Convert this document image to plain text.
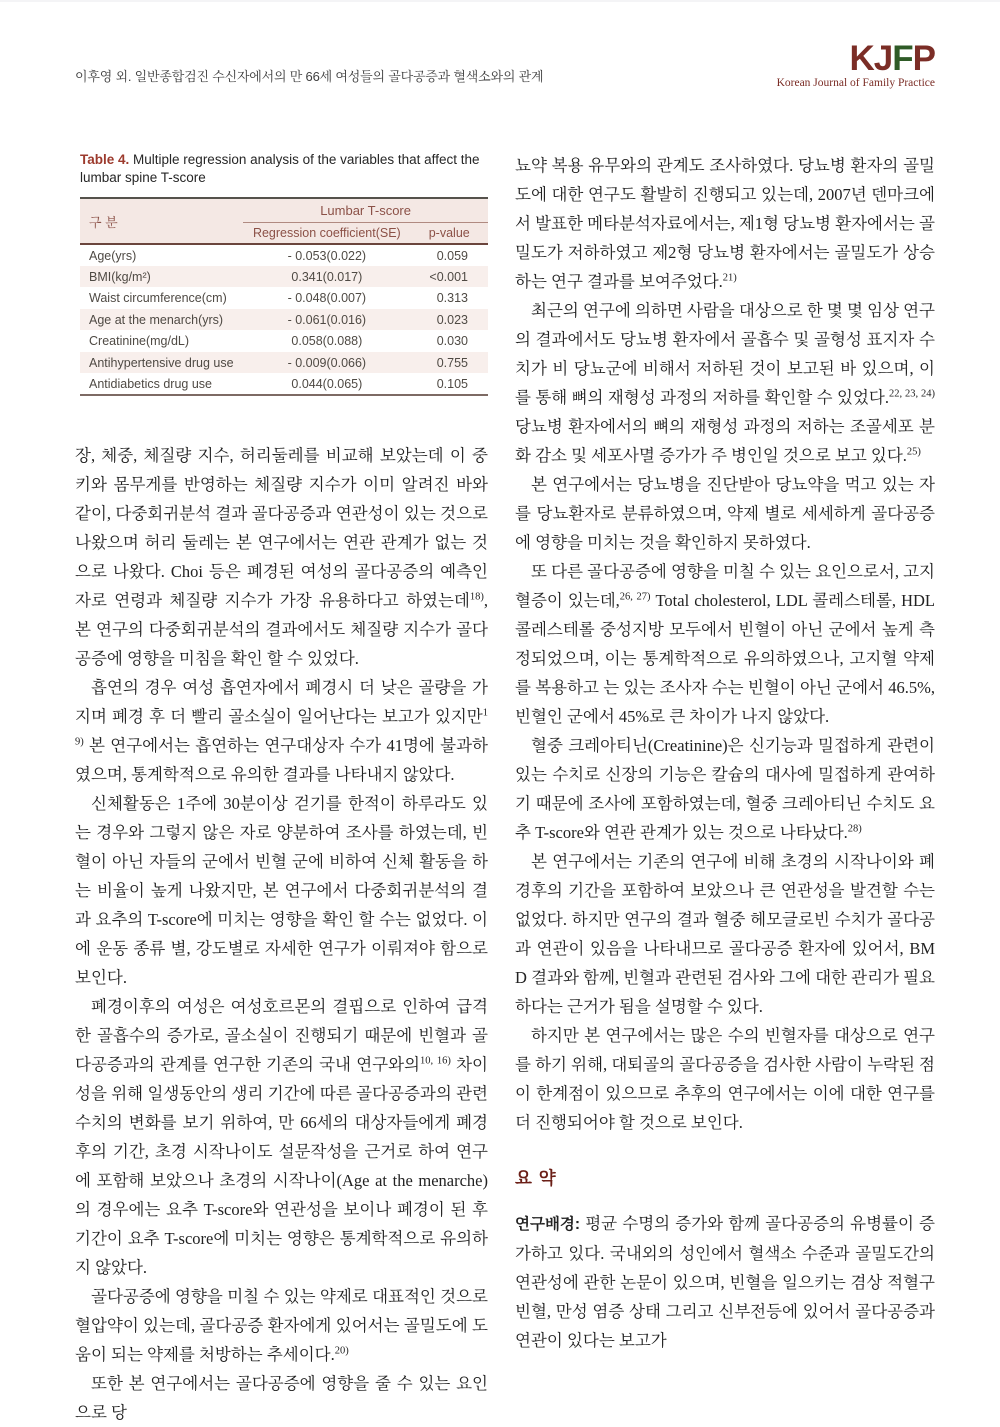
이후영 외. 일반종합검진 수신자에서의 만 66세 여성들의 골다공증과 혈색소와의 관계	KJFP
Korean Journal of Family Practice
Table 4. Multiple regression analysis of the variables that affect the lumbar spine T-score
구 분	Lumbar T-score	
	Regression coefficient(SE)	p-value
Age(yrs)	- 0.053(0.022)	0.059
BMI(kg/m²)	0.341(0.017)	<0.001
Waist circumference(cm)	- 0.048(0.007)	0.313
Age at the menarch(yrs)	- 0.061(0.016)	0.023
Creatinine(mg/dL)	0.058(0.088)	0.030
Antihypertensive drug use	- 0.009(0.066)	0.755
Antidiabetics drug use	0.044(0.065)	0.105

장, 체중, 체질량 지수, 허리둘레를 비교해 보았는데 이 중 키와 몸무게를 반영하는 체질량 지수가 이미 알려진 바와 같이, 다중회귀분석 결과 골다공증과 연관성이 있는 것으로 나왔으며 허리 둘레는 본 연구에서는 연관 관계가 없는 것으로 나왔다. Choi 등은 폐경된 여성의 골다공증의 예측인자로 연령과 체질량 지수가 가장 유용하다고 하였는데$^{18)}$, 본 연구의 다중회귀분석의 결과에서도 체질량 지수가 골다공증에 영향을 미침을 확인 할 수 있었다.

흡연의 경우 여성 흡연자에서 폐경시 더 낮은 골량을 가지며 폐경 후 더 빨리 골소실이 일어난다는 보고가 있지만$^{19)}$ 본 연구에서는 흡연하는 연구대상자 수가 41명에 불과하였으며, 통계학적으로 유의한 결과를 나타내지 않았다.

신체활동은 1주에 30분이상 걷기를 한적이 하루라도 있는 경우와 그렇지 않은 자로 양분하여 조사를 하였는데, 빈혈이 아닌 자들의 군에서 빈혈 군에 비하여 신체 활동을 하는 비율이 높게 나왔지만, 본 연구에서 다중회귀분석의 결과 요추의 T-score에 미치는 영향을 확인 할 수는 없었다. 이에 운동 종류 별, 강도별로 자세한 연구가 이뤄져야 함으로 보인다.

폐경이후의 여성은 여성호르몬의 결핍으로 인하여 급격한 골흡수의 증가로, 골소실이 진행되기 때문에 빈혈과 골다공증과의 관계를 연구한 기존의 국내 연구와의$^{10, 16)}$ 차이성을 위해 일생동안의 생리 기간에 따른 골다공증과의 관련수치의 변화를 보기 위하여, 만 66세의 대상자들에게 폐경 후의 기간, 초경 시작나이도 설문작성을 근거로 하여 연구에 포함해 보았으나 초경의 시작나이(Age at the menarche)의 경우에는 요추 T-score와 연관성을 보이나 폐경이 된 후 기간이 요추 T-score에 미치는 영향은 통계학적으로 유의하지 않았다.

골다공증에 영향을 미칠 수 있는 약제로 대표적인 것으로 혈압약이 있는데, 골다공증 환자에게 있어서는 골밀도에 도움이 되는 약제를 처방하는 추세이다.$^{20)}$

또한 본 연구에서는 골다공증에 영향을 줄 수 있는 요인으로 당

뇨약 복용 유무와의 관계도 조사하였다. 당뇨병 환자의 골밀도에 대한 연구도 활발히 진행되고 있는데, 2007년 덴마크에서 발표한 메타분석자료에서는, 제1형 당뇨병 환자에서는 골밀도가 저하하였고 제2형 당뇨병 환자에서는 골밀도가 상승하는 연구 결과를 보여주었다.$^{21)}$

최근의 연구에 의하면 사람을 대상으로 한 몇 몇 임상 연구의 결과에서도 당뇨병 환자에서 골흡수 및 골형성 표지자 수치가 비 당뇨군에 비해서 저하된 것이 보고된 바 있으며, 이를 통해 뼈의 재형성 과정의 저하를 확인할 수 있었다.$^{22, 23, 24)}$ 당뇨병 환자에서의 뼈의 재형성 과정의 저하는 조골세포 분화 감소 및 세포사멸 증가가 주 병인일 것으로 보고 있다.$^{25)}$

본 연구에서는 당뇨병을 진단받아 당뇨약을 먹고 있는 자를 당뇨환자로 분류하였으며, 약제 별로 세세하게 골다공증에 영향을 미치는 것을 확인하지 못하였다.

또 다른 골다공증에 영향을 미칠 수 있는 요인으로서, 고지혈증이 있는데,$^{26, 27)}$ Total cholesterol, LDL 콜레스테롤, HDL 콜레스테롤 중성지방 모두에서 빈혈이 아닌 군에서 높게 측정되었으며, 이는 통계학적으로 유의하였으나, 고지혈 약제를 복용하고 는 있는 조사자 수는 빈혈이 아닌 군에서 46.5%, 빈혈인 군에서 45%로 큰 차이가 나지 않았다.

혈중 크레아티닌(Creatinine)은 신기능과 밀접하게 관련이 있는 수치로 신장의 기능은 칼슘의 대사에 밀접하게 관여하기 때문에 조사에 포함하였는데, 혈중 크레아티닌 수치도 요추 T-score와 연관 관계가 있는 것으로 나타났다.$^{28)}$

본 연구에서는 기존의 연구에 비해 초경의 시작나이와 폐경후의 기간을 포함하여 보았으나 큰 연관성을 발견할 수는 없었다. 하지만 연구의 결과 혈중 헤모글로빈 수치가 골다공과 연관이 있음을 나타내므로 골다공증 환자에 있어서, BMD 결과와 함께, 빈혈과 관련된 검사와 그에 대한 관리가 필요하다는 근거가 됨을 설명할 수 있다.

하지만 본 연구에서는 많은 수의 빈혈자를 대상으로 연구를 하기 위해, 대퇴골의 골다공증을 검사한 사람이 누락된 점이 한계점이 있으므로 추후의 연구에서는 이에 대한 연구를 더 진행되어야 할 것으로 보인다.

요 약

연구배경: 평균 수명의 증가와 함께 골다공증의 유병률이 증가하고 있다. 국내외의 성인에서 혈색소 수준과 골밀도간의 연관성에 관한 논문이 있으며, 빈혈을 일으키는 겸상 적혈구 빈혈, 만성 염증 상태 그리고 신부전등에 있어서 골다공증과 연관이 있다는 보고가
